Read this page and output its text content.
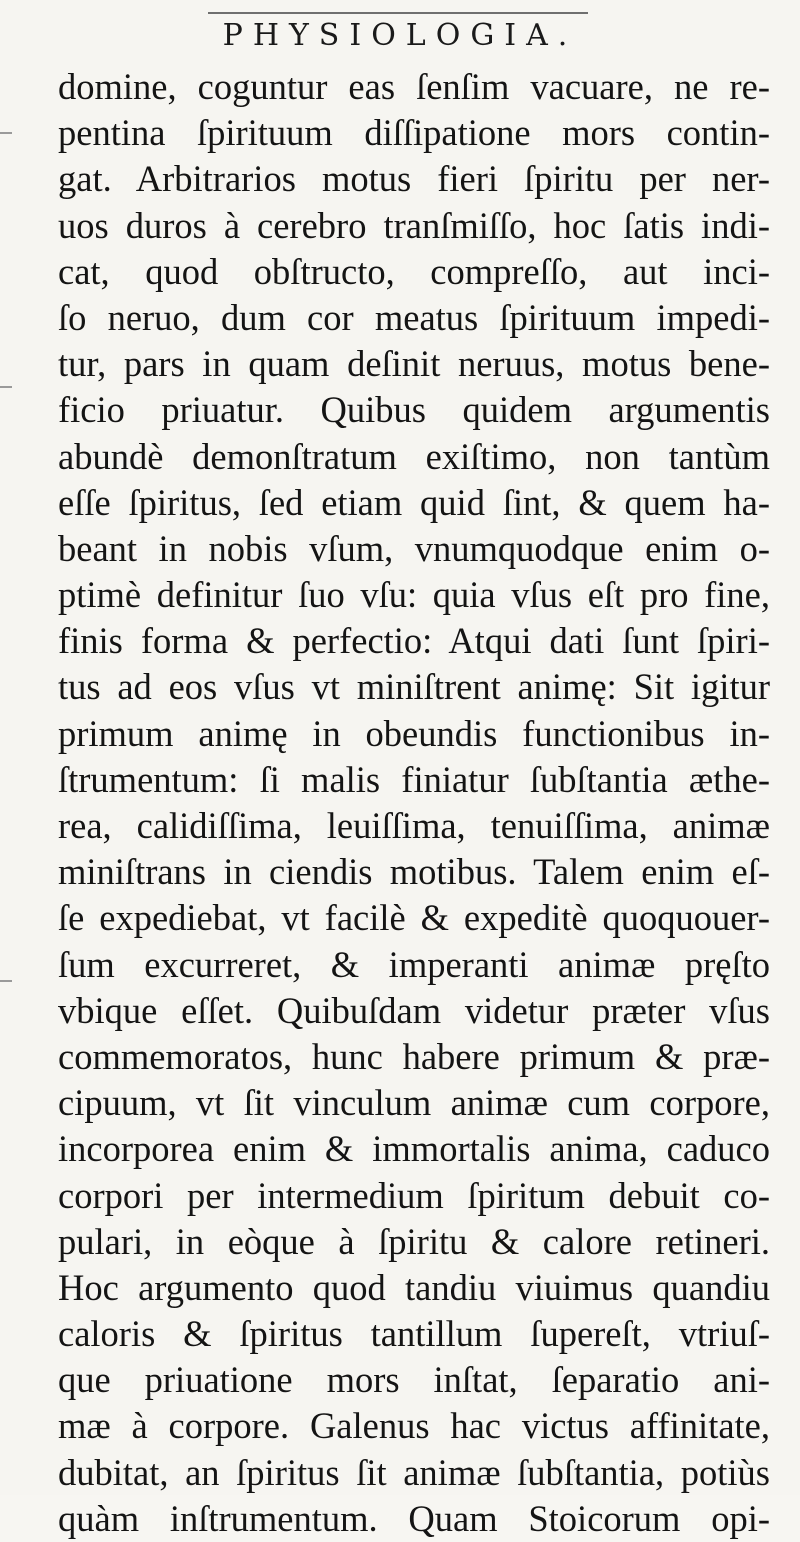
PHYSIOLOGIA.
domine, coguntur eas ſenſim vacuare, ne re-
pentina ſpirituum diſſipatione mors contin-
gat. Arbitrarios motus fieri ſpiritu per ner-
uos duros à cerebro tranſmiſſo, hoc ſatis indi-
cat, quod obſtructo, compreſſo, aut inci-
ſo neruo, dum cor meatus ſpirituum impedi-
tur, pars in quam deſinit neruus, motus bene-
ficio priuatur. Quibus quidem argumentis
abundè demonſtratum exiſtimo, non tantùm
eſſe ſpiritus, ſed etiam quid ſint, & quem ha-
beant in nobis vſum, vnumquodque enim o-
ptimè definitur ſuo vſu: quia vſus eſt pro fine,
finis forma & perfectio: Atqui dati ſunt ſpiri-
tus ad eos vſus vt miniſtrent animę: Sit igitur
primum animę in obeundis functionibus in-
ſtrumentum: ſi malis finiatur ſubſtantia æthe-
rea, calidiſſima, leuiſſima, tenuiſſima, animæ
miniſtrans in ciendis motibus. Talem enim eſ-
ſe expediebat, vt facilè & expeditè quoquouer-
ſum excurreret, & imperanti animæ pręſto
vbique eſſet. Quibuſdam videtur præter vſus
commemoratos, hunc habere primum & præ-
cipuum, vt ſit vinculum animæ cum corpore,
incorporea enim & immortalis anima, caduco
corpori per intermedium ſpiritum debuit co-
pulari, in eòque à ſpiritu & calore retineri.
Hoc argumento quod tandiu viuimus quandiu
caloris & ſpiritus tantillum ſupereſt, vtriuſ-
que priuatione mors inſtat, ſeparatio ani-
mæ à corpore. Galenus hac victus affinitate,
dubitat, an ſpiritus ſit animæ ſubſtantia, potiùs
quàm inſtrumentum. Quam Stoicorum opi-
